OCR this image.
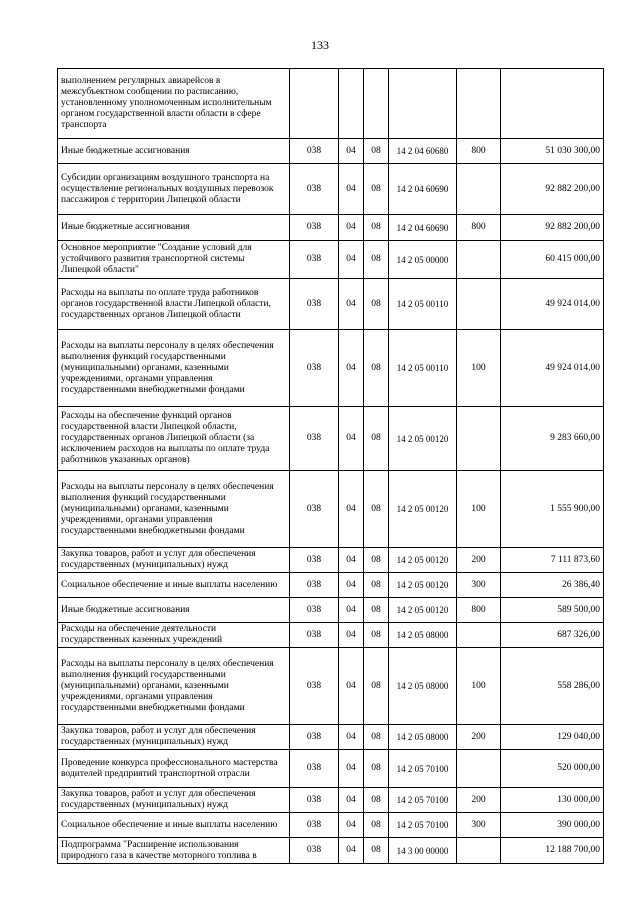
133
выполнением регулярных авиарейсов в межсубъектном сообщении по расписанию, установленному уполномоченным исполнительным органом государственной власти области в сфере транспорта						
Иные бюджетные ассигнования	038	04	08	14 2 04 60680	800	51 030 300,00
Субсидии организациям воздушного транспорта на осуществление региональных воздушных перевозок пассажиров с территории Липецкой области	038	04	08	14 2 04 60690		92 882 200,00
Иные бюджетные ассигнования	038	04	08	14 2 04 60690	800	92 882 200,00
Основное мероприятие "Создание условий для устойчивого развития транспортной системы Липецкой области"	038	04	08	14 2 05 00000		60 415 000,00
Расходы на выплаты по оплате труда работников органов государственной власти Липецкой области, государственных органов Липецкой области	038	04	08	14 2 05 00110		49 924 014,00
Расходы на выплаты персоналу в целях обеспечения выполнения функций государственными (муниципальными) органами, казенными учреждениями, органами управления государственными внебюджетными фондами	038	04	08	14 2 05 00110	100	49 924 014,00
Расходы на обеспечение функций органов государственной власти Липецкой области, государственных органов Липецкой области (за исключением расходов на выплаты по оплате труда работников указанных органов)	038	04	08	14 2 05 00120		9 283 660,00
Расходы на выплаты персоналу в целях обеспечения выполнения функций государственными (муниципальными) органами, казенными учреждениями, органами управления государственными внебюджетными фондами	038	04	08	14 2 05 00120	100	1 555 900,00
Закупка товаров, работ и услуг для обеспечения государственных (муниципальных) нужд	038	04	08	14 2 05 00120	200	7 111 873,60
Социальное обеспечение и иные выплаты населению	038	04	08	14 2 05 00120	300	26 386,40
Иные бюджетные ассигнования	038	04	08	14 2 05 00120	800	589 500,00
Расходы на обеспечение деятельности государственных казенных учреждений	038	04	08	14 2 05 08000		687 326,00
Расходы на выплаты персоналу в целях обеспечения выполнения функций государственными (муниципальными) органами, казенными учреждениями, органами управления государственными внебюджетными фондами	038	04	08	14 2 05 08000	100	558 286,00
Закупка товаров, работ и услуг для обеспечения государственных (муниципальных) нужд	038	04	08	14 2 05 08000	200	129 040,00
Проведение конкурса профессионального мастерства водителей предприятий транспортной отрасли	038	04	08	14 2 05 70100		520 000,00
Закупка товаров, работ и услуг для обеспечения государственных (муниципальных) нужд	038	04	08	14 2 05 70100	200	130 000,00
Социальное обеспечение и иные выплаты населению	038	04	08	14 2 05 70100	300	390 000,00
Подпрограмма "Расширение использования природного газа в качестве моторного топлива в	038	04	08	14 3 00 00000		12 188 700,00
